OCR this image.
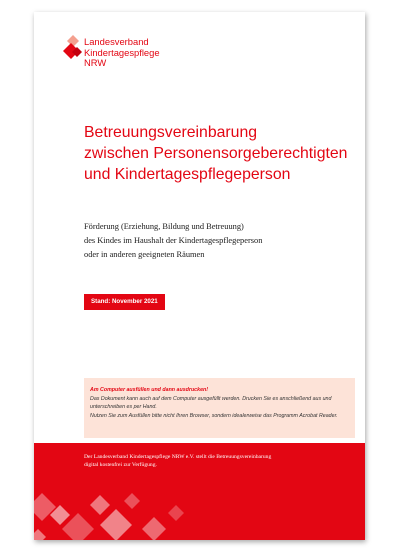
Landesverband
Kindertagespflege
NRW
Betreuungsvereinbarung
zwischen Personensorgeberechtigten
und Kindertagespflegeperson
Förderung (Erziehung, Bildung und Betreuung)
des Kindes im Haushalt der Kindertagespflegeperson
oder in anderen geeigneten Räumen
Stand: November 2021

Am Computer ausfüllen und dann ausdrucken!

Das Dokument kann auch auf dem Computer ausgefüllt werden. Drucken Sie es anschließend aus und unterschreiben es per Hand.

Nutzen Sie zum Ausfüllen bitte nicht Ihren Browser, sondern idealerweise das Programm Acrobat Reader.

Der Landesverband Kindertagespflege NRW e.V. stellt die Betreuungsvereinbarung
digital kostenfrei zur Verfügung.
